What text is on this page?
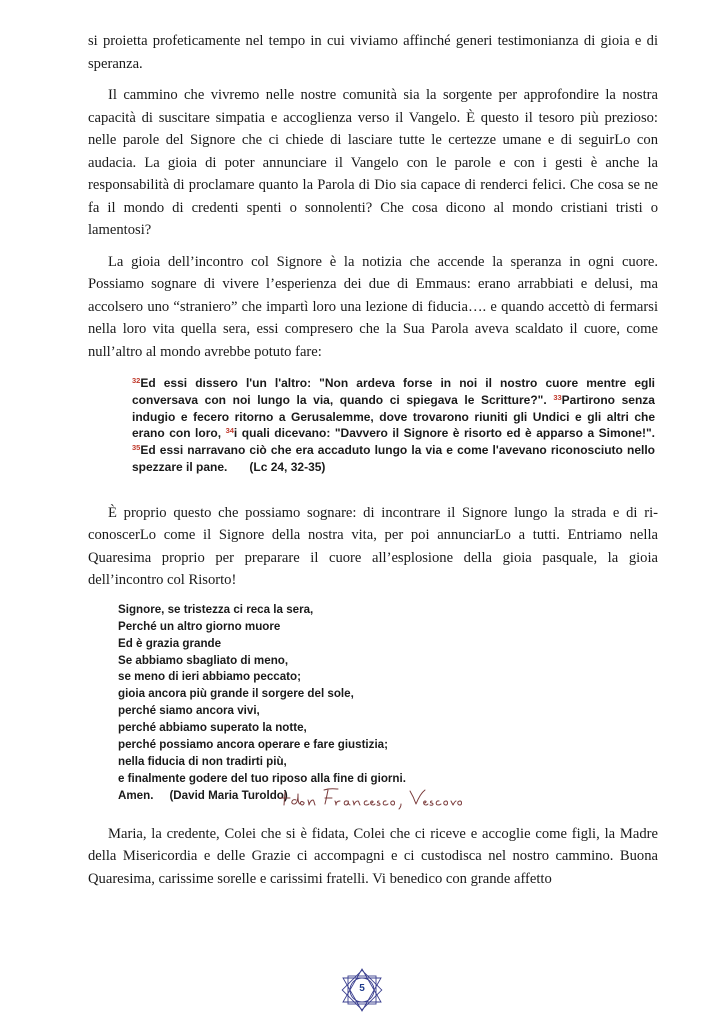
si proietta profeticamente nel tempo in cui viviamo affinché generi testimonianza di gioia e di speranza.

Il cammino che vivremo nelle nostre comunità sia la sorgente per approfondire la nostra capacità di suscitare simpatia e accoglienza verso il Vangelo. È questo il tesoro più prezioso: nelle parole del Signore che ci chiede di lasciare tutte le certezze umane e di seguirLo con audacia. La gioia di poter annunciare il Vangelo con le parole e con i gesti è anche la responsabilità di proclamare quanto la Parola di Dio sia capace di renderci felici. Che cosa se ne fa il mondo di credenti spenti o sonnolenti? Che cosa dicono al mondo cristiani tristi o lamentosi?

La gioia dell’incontro col Signore è la notizia che accende la speranza in ogni cuore. Possiamo sognare di vivere l’esperienza dei due di Emmaus: erano arrabbiati e delusi, ma accolsero uno “straniero” che impartì loro una lezione di fiducia…. e quando accettò di fermarsi nella loro vita quella sera, essi compresero che la Sua Parola aveva scaldato il cuore, come null’altro al mondo avrebbe potuto fare:

$^{32}$Ed essi dissero l'un l'altro: "Non ardeva forse in noi il nostro cuore mentre egli conversava con noi lungo la via, quando ci spiegava le Scritture?". $^{33}$Partirono senza indugio e fecero ritorno a Gerusalemme, dove trovarono riuniti gli Undici e gli altri che erano con loro, $^{34}$i quali dicevano: "Davvero il Signore è risorto ed è apparso a Simone!". $^{35}$Ed essi narravano ciò che era accaduto lungo la via e come l'avevano riconosciuto nello spezzare il pane. (Lc 24, 32-35)

È proprio questo che possiamo sognare: di incontrare il Signore lungo la strada e di ri-conoscerLo come il Signore della nostra vita, per poi annunciarLo a tutti. Entriamo nella Quaresima proprio per preparare il cuore all’esplosione della gioia pasquale, la gioia dell’incontro col Risorto!

Signore, se tristezza ci reca la sera,
Perché un altro giorno muore
Ed è grazia grande
Se abbiamo sbagliato di meno,
se meno di ieri abbiamo peccato;
gioia ancora più grande il sorgere del sole,
perché siamo ancora vivi,
perché abbiamo superato la notte,
perché possiamo ancora operare e fare giustizia;
nella fiducia di non tradirti più,
e finalmente godere del tuo riposo alla fine di giorni.
Amen. (David Maria Turoldo)

Maria, la credente, Colei che si è fidata, Colei che ci riceve e accoglie come figli, la Madre della Misericordia e delle Grazie ci accompagni e ci custodisca nel nostro cammino. Buona Quaresima, carissime sorelle e carissimi fratelli. Vi benedico con grande affetto

5
